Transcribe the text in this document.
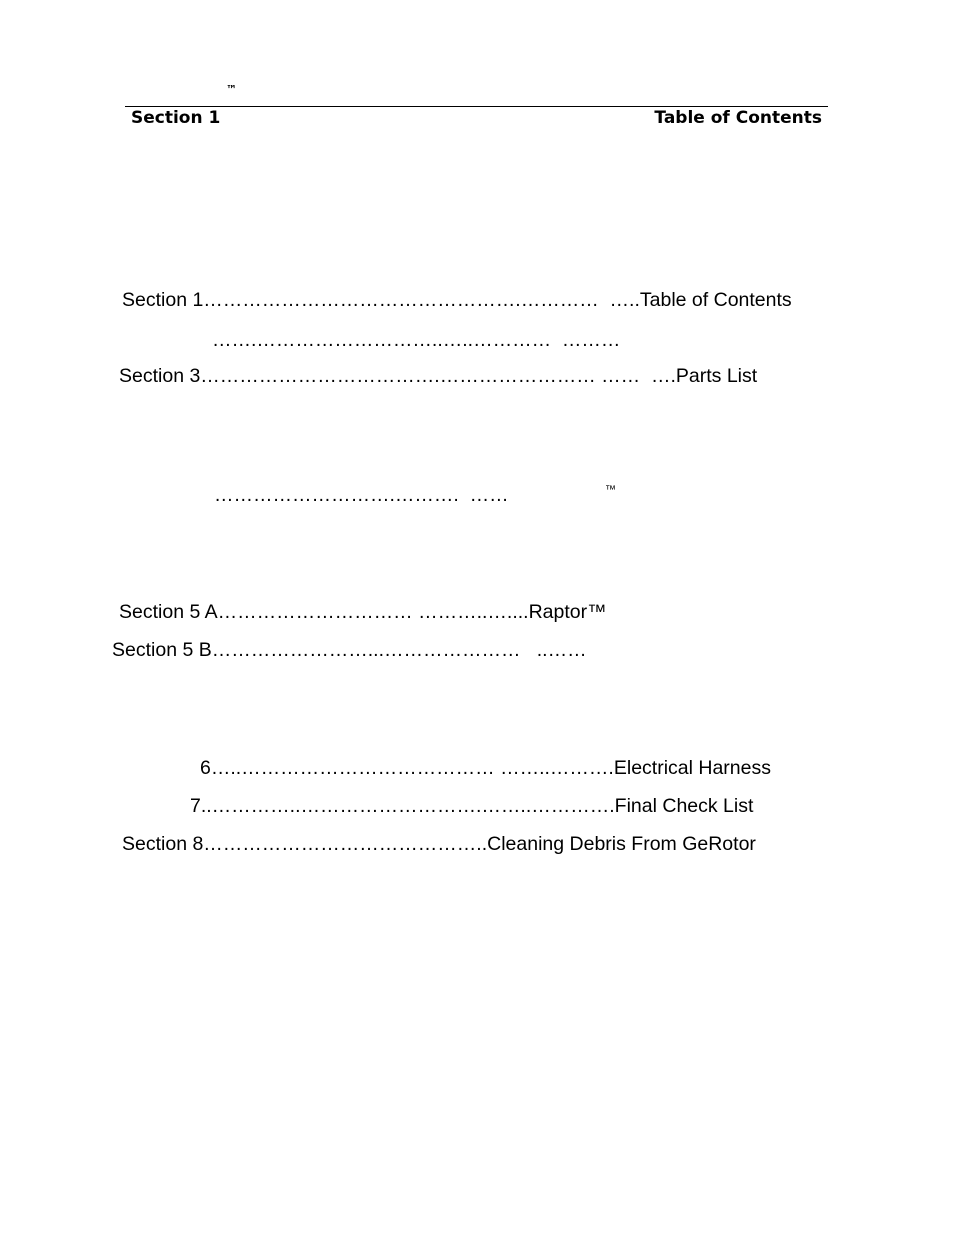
™
Section 1	Table of Contents
Section 1………………………………………….…………  …..Table of Contents
…….………………………..…..…………  ………
Section 3……………………………….…………………… ……  ….Parts List
……………………….……….  ……	™
Section 5 A………………………… ………..…....Raptor™
Section 5 B……………………...…………………   ..……
6…..………………………………… ……..……….Electrical Harness
7..…………..……………………….……..………….Final Check List
Section 8……………………………………..Cleaning Debris From GeRotor
